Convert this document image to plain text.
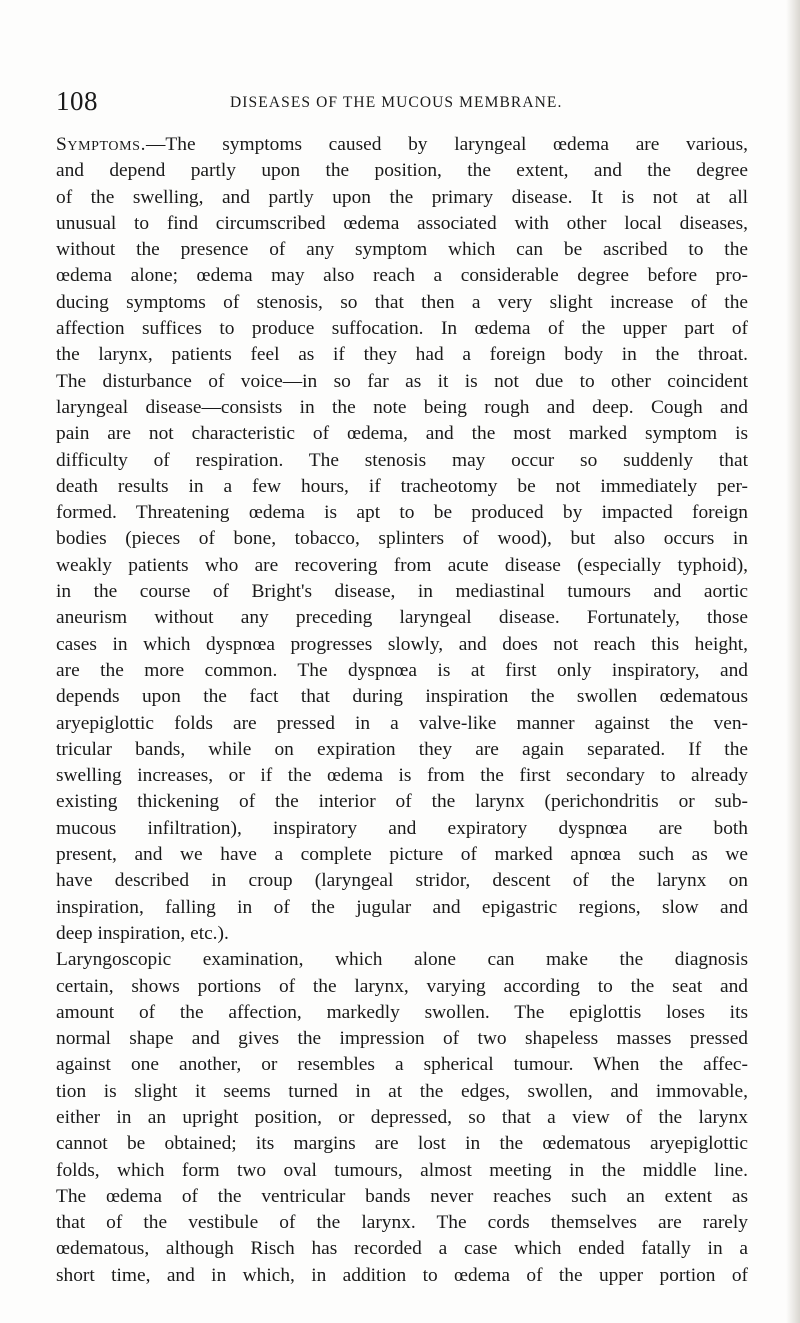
108	DISEASES OF THE MUCOUS MEMBRANE.
Symptoms.—The symptoms caused by laryngeal œdema are various,
and depend partly upon the position, the extent, and the degree
of the swelling, and partly upon the primary disease. It is not at all
unusual to find circumscribed œdema associated with other local diseases,
without the presence of any symptom which can be ascribed to the
œdema alone; œdema may also reach a considerable degree before pro-
ducing symptoms of stenosis, so that then a very slight increase of the
affection suffices to produce suffocation. In œdema of the upper part of
the larynx, patients feel as if they had a foreign body in the throat.
The disturbance of voice—in so far as it is not due to other coincident
laryngeal disease—consists in the note being rough and deep. Cough and
pain are not characteristic of œdema, and the most marked symptom is
difficulty of respiration. The stenosis may occur so suddenly that
death results in a few hours, if tracheotomy be not immediately per-
formed. Threatening œdema is apt to be produced by impacted foreign
bodies (pieces of bone, tobacco, splinters of wood), but also occurs in
weakly patients who are recovering from acute disease (especially typhoid),
in the course of Bright's disease, in mediastinal tumours and aortic
aneurism without any preceding laryngeal disease. Fortunately, those
cases in which dyspnœa progresses slowly, and does not reach this height,
are the more common. The dyspnœa is at first only inspiratory, and
depends upon the fact that during inspiration the swollen œdematous
aryepiglottic folds are pressed in a valve-like manner against the ven-
tricular bands, while on expiration they are again separated. If the
swelling increases, or if the œdema is from the first secondary to already
existing thickening of the interior of the larynx (perichondritis or sub-
mucous infiltration), inspiratory and expiratory dyspnœa are both
present, and we have a complete picture of marked apnœa such as we
have described in croup (laryngeal stridor, descent of the larynx on
inspiration, falling in of the jugular and epigastric regions, slow and
deep inspiration, etc.).
Laryngoscopic examination, which alone can make the diagnosis
certain, shows portions of the larynx, varying according to the seat and
amount of the affection, markedly swollen. The epiglottis loses its
normal shape and gives the impression of two shapeless masses pressed
against one another, or resembles a spherical tumour. When the affec-
tion is slight it seems turned in at the edges, swollen, and immovable,
either in an upright position, or depressed, so that a view of the larynx
cannot be obtained; its margins are lost in the œdematous aryepiglottic
folds, which form two oval tumours, almost meeting in the middle line.
The œdema of the ventricular bands never reaches such an extent as
that of the vestibule of the larynx. The cords themselves are rarely
œdematous, although Risch has recorded a case which ended fatally in a
short time, and in which, in addition to œdema of the upper portion of
